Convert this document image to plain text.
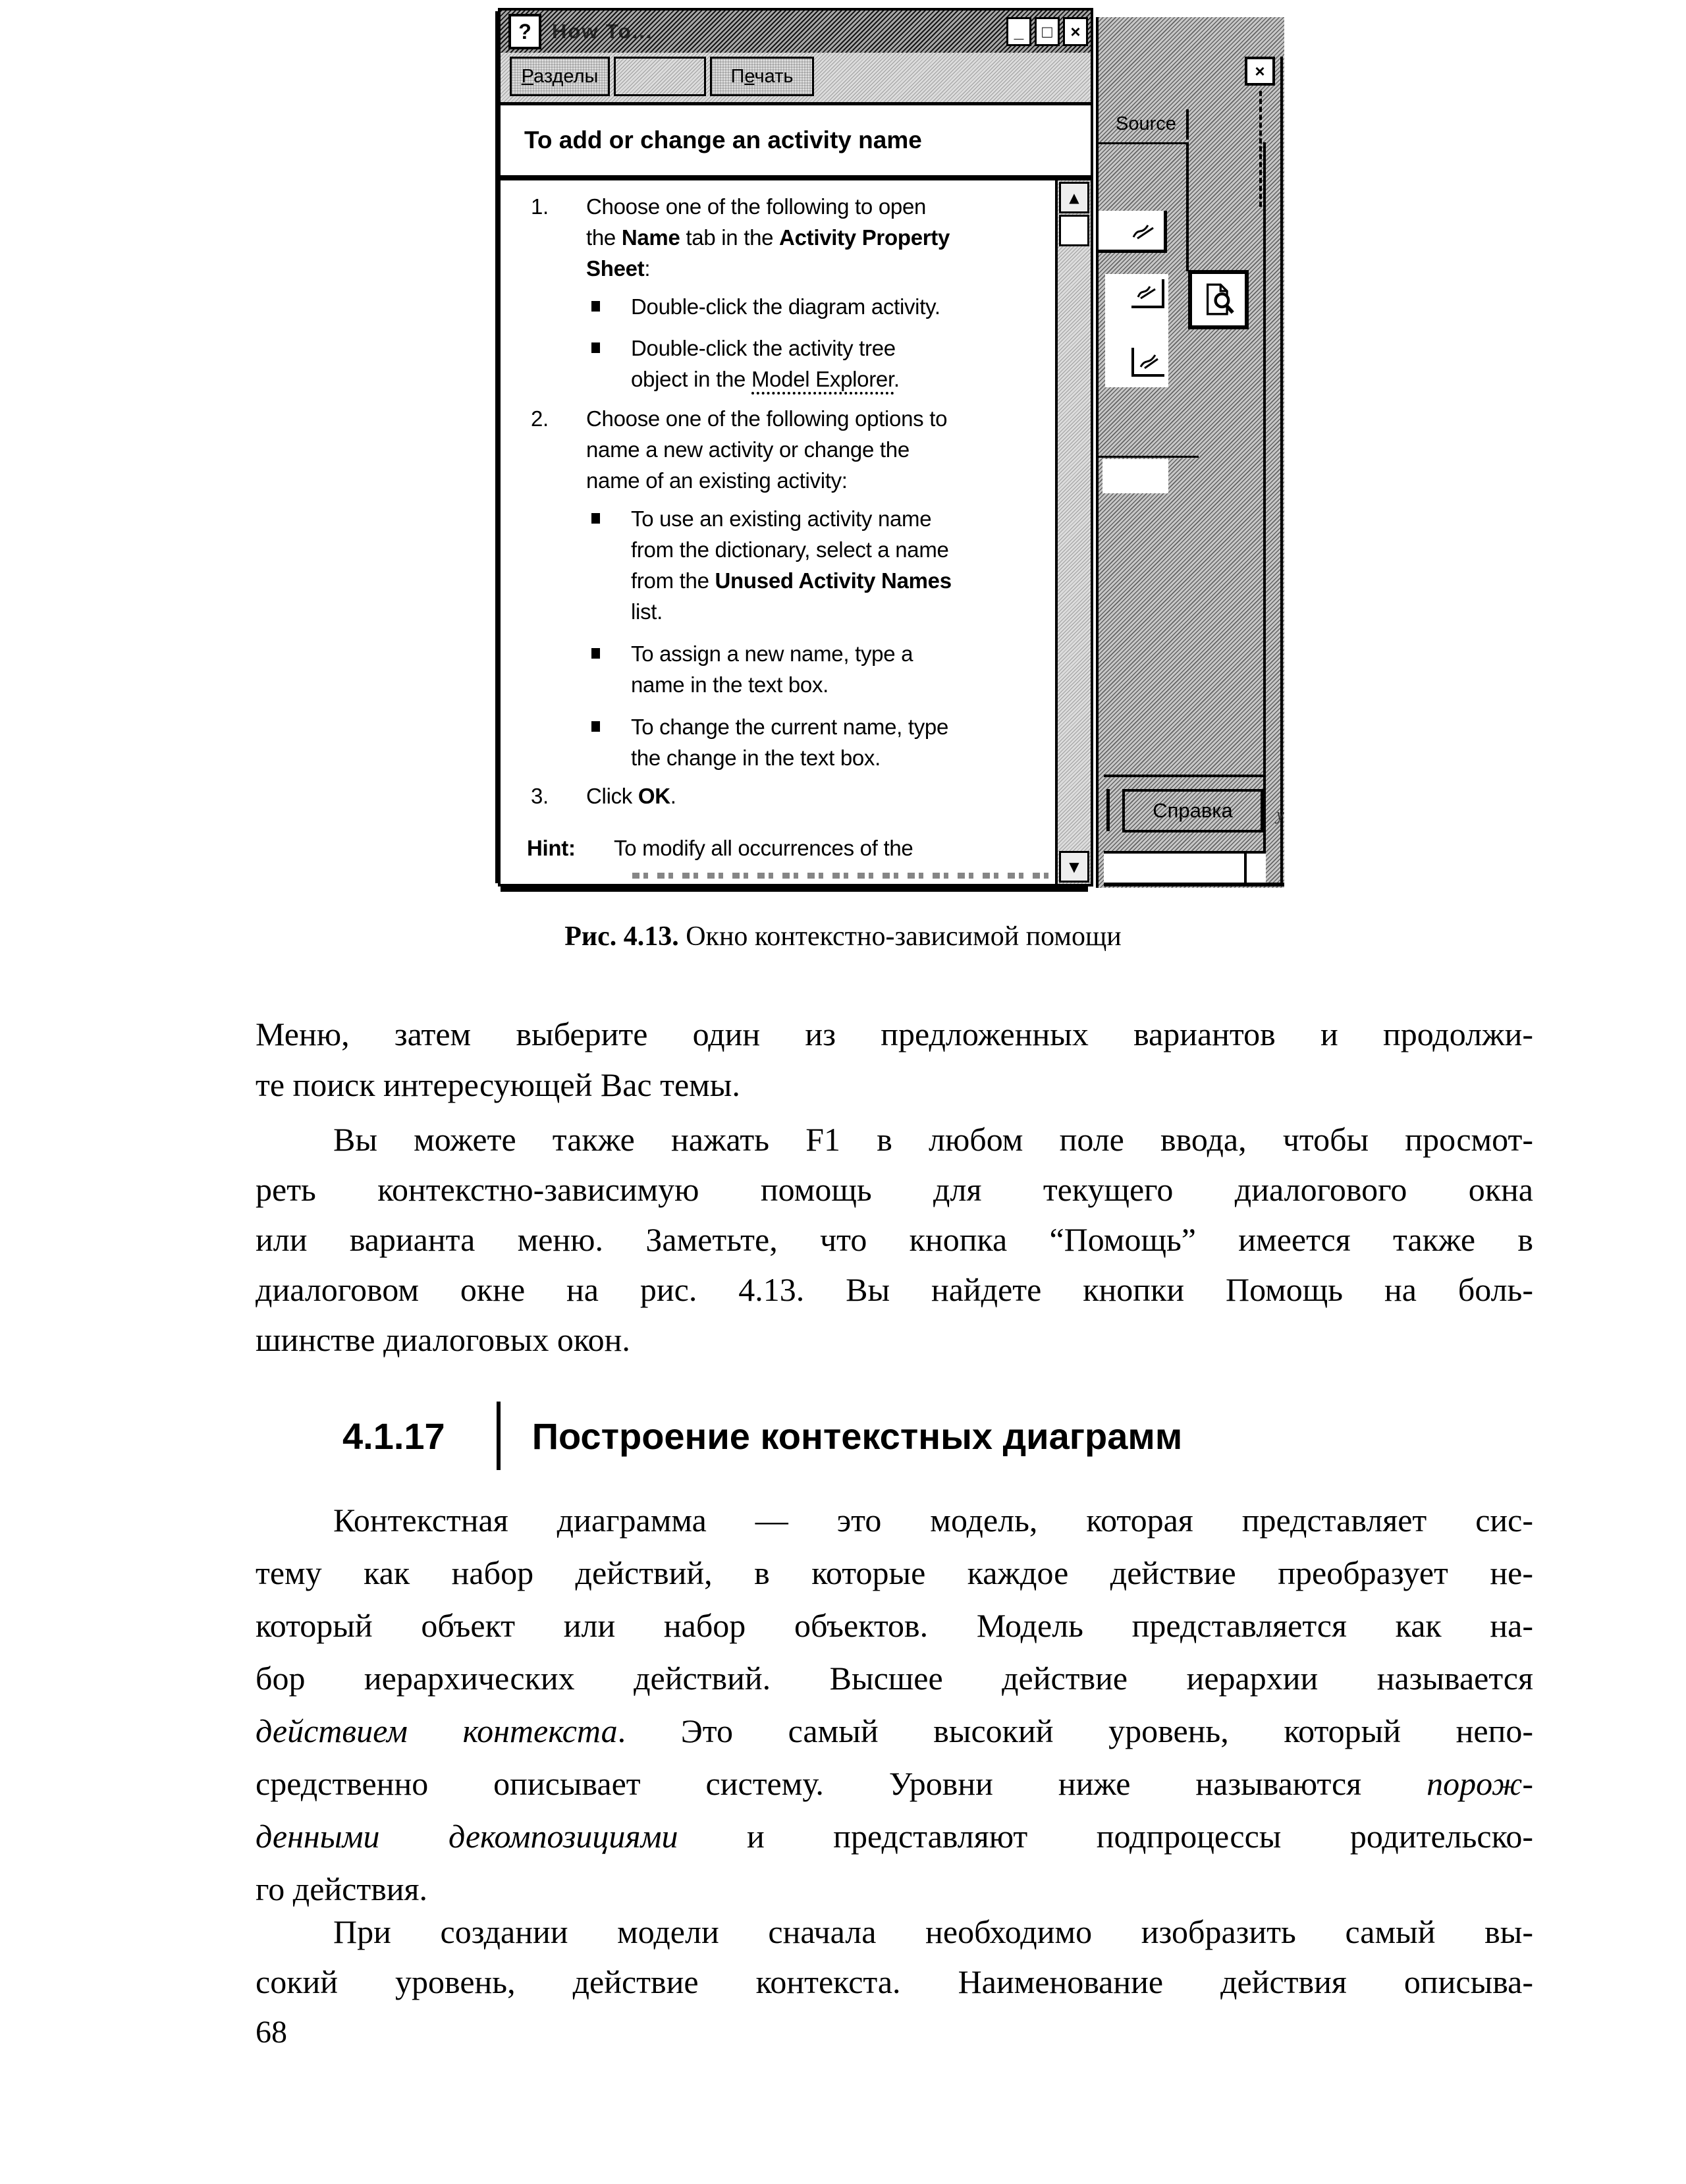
? How To...	_ □ ×
Разделы	Печать
To add or change an activity name
1. Choose one of the following to open
the Name tab in the Activity Property
Sheet:
Double-click the diagram activity.
Double-click the activity tree
object in the Model Explorer.
2. Choose one of the following options to
name a new activity or change the
name of an existing activity:
To use an existing activity name
from the dictionary, select a name
from the Unused Activity Names
list.
To assign a new name, type a
name in the text box.
To change the current name, type
the change in the text box.
3. Click OK.
Hint: To modify all occurrences of the
▲
▼
×
Source
Справка	у
Рис. 4.13. Окно контекстно-зависимой помощи
Меню, затем выберите один из предложенных вариантов и продолжи-
те поиск интересующей Вас темы.
Вы можете также нажать F1 в любом поле ввода, чтобы просмот-
реть контекстно-зависимую помощь для текущего диалогового окна
или варианта меню. Заметьте, что кнопка “Помощь” имеется также в
диалоговом окне на рис. 4.13. Вы найдете кнопки Помощь на боль-
шинстве диалоговых окон.
4.1.17 Построение контекстных диаграмм
Контекстная диаграмма — это модель, которая представляет сис-
тему как набор действий, в которые каждое действие преобразует не-
который объект или набор объектов. Модель представляется как на-
бор иерархических действий. Высшее действие иерархии называется
действием контекста. Это самый высокий уровень, который непо-
средственно описывает систему. Уровни ниже называются порож-
денными декомпозициями и представляют подпроцессы родительско-
го действия.
При создании модели сначала необходимо изобразить самый вы-
сокий уровень, действие контекста. Наименование действия описыва-
68
